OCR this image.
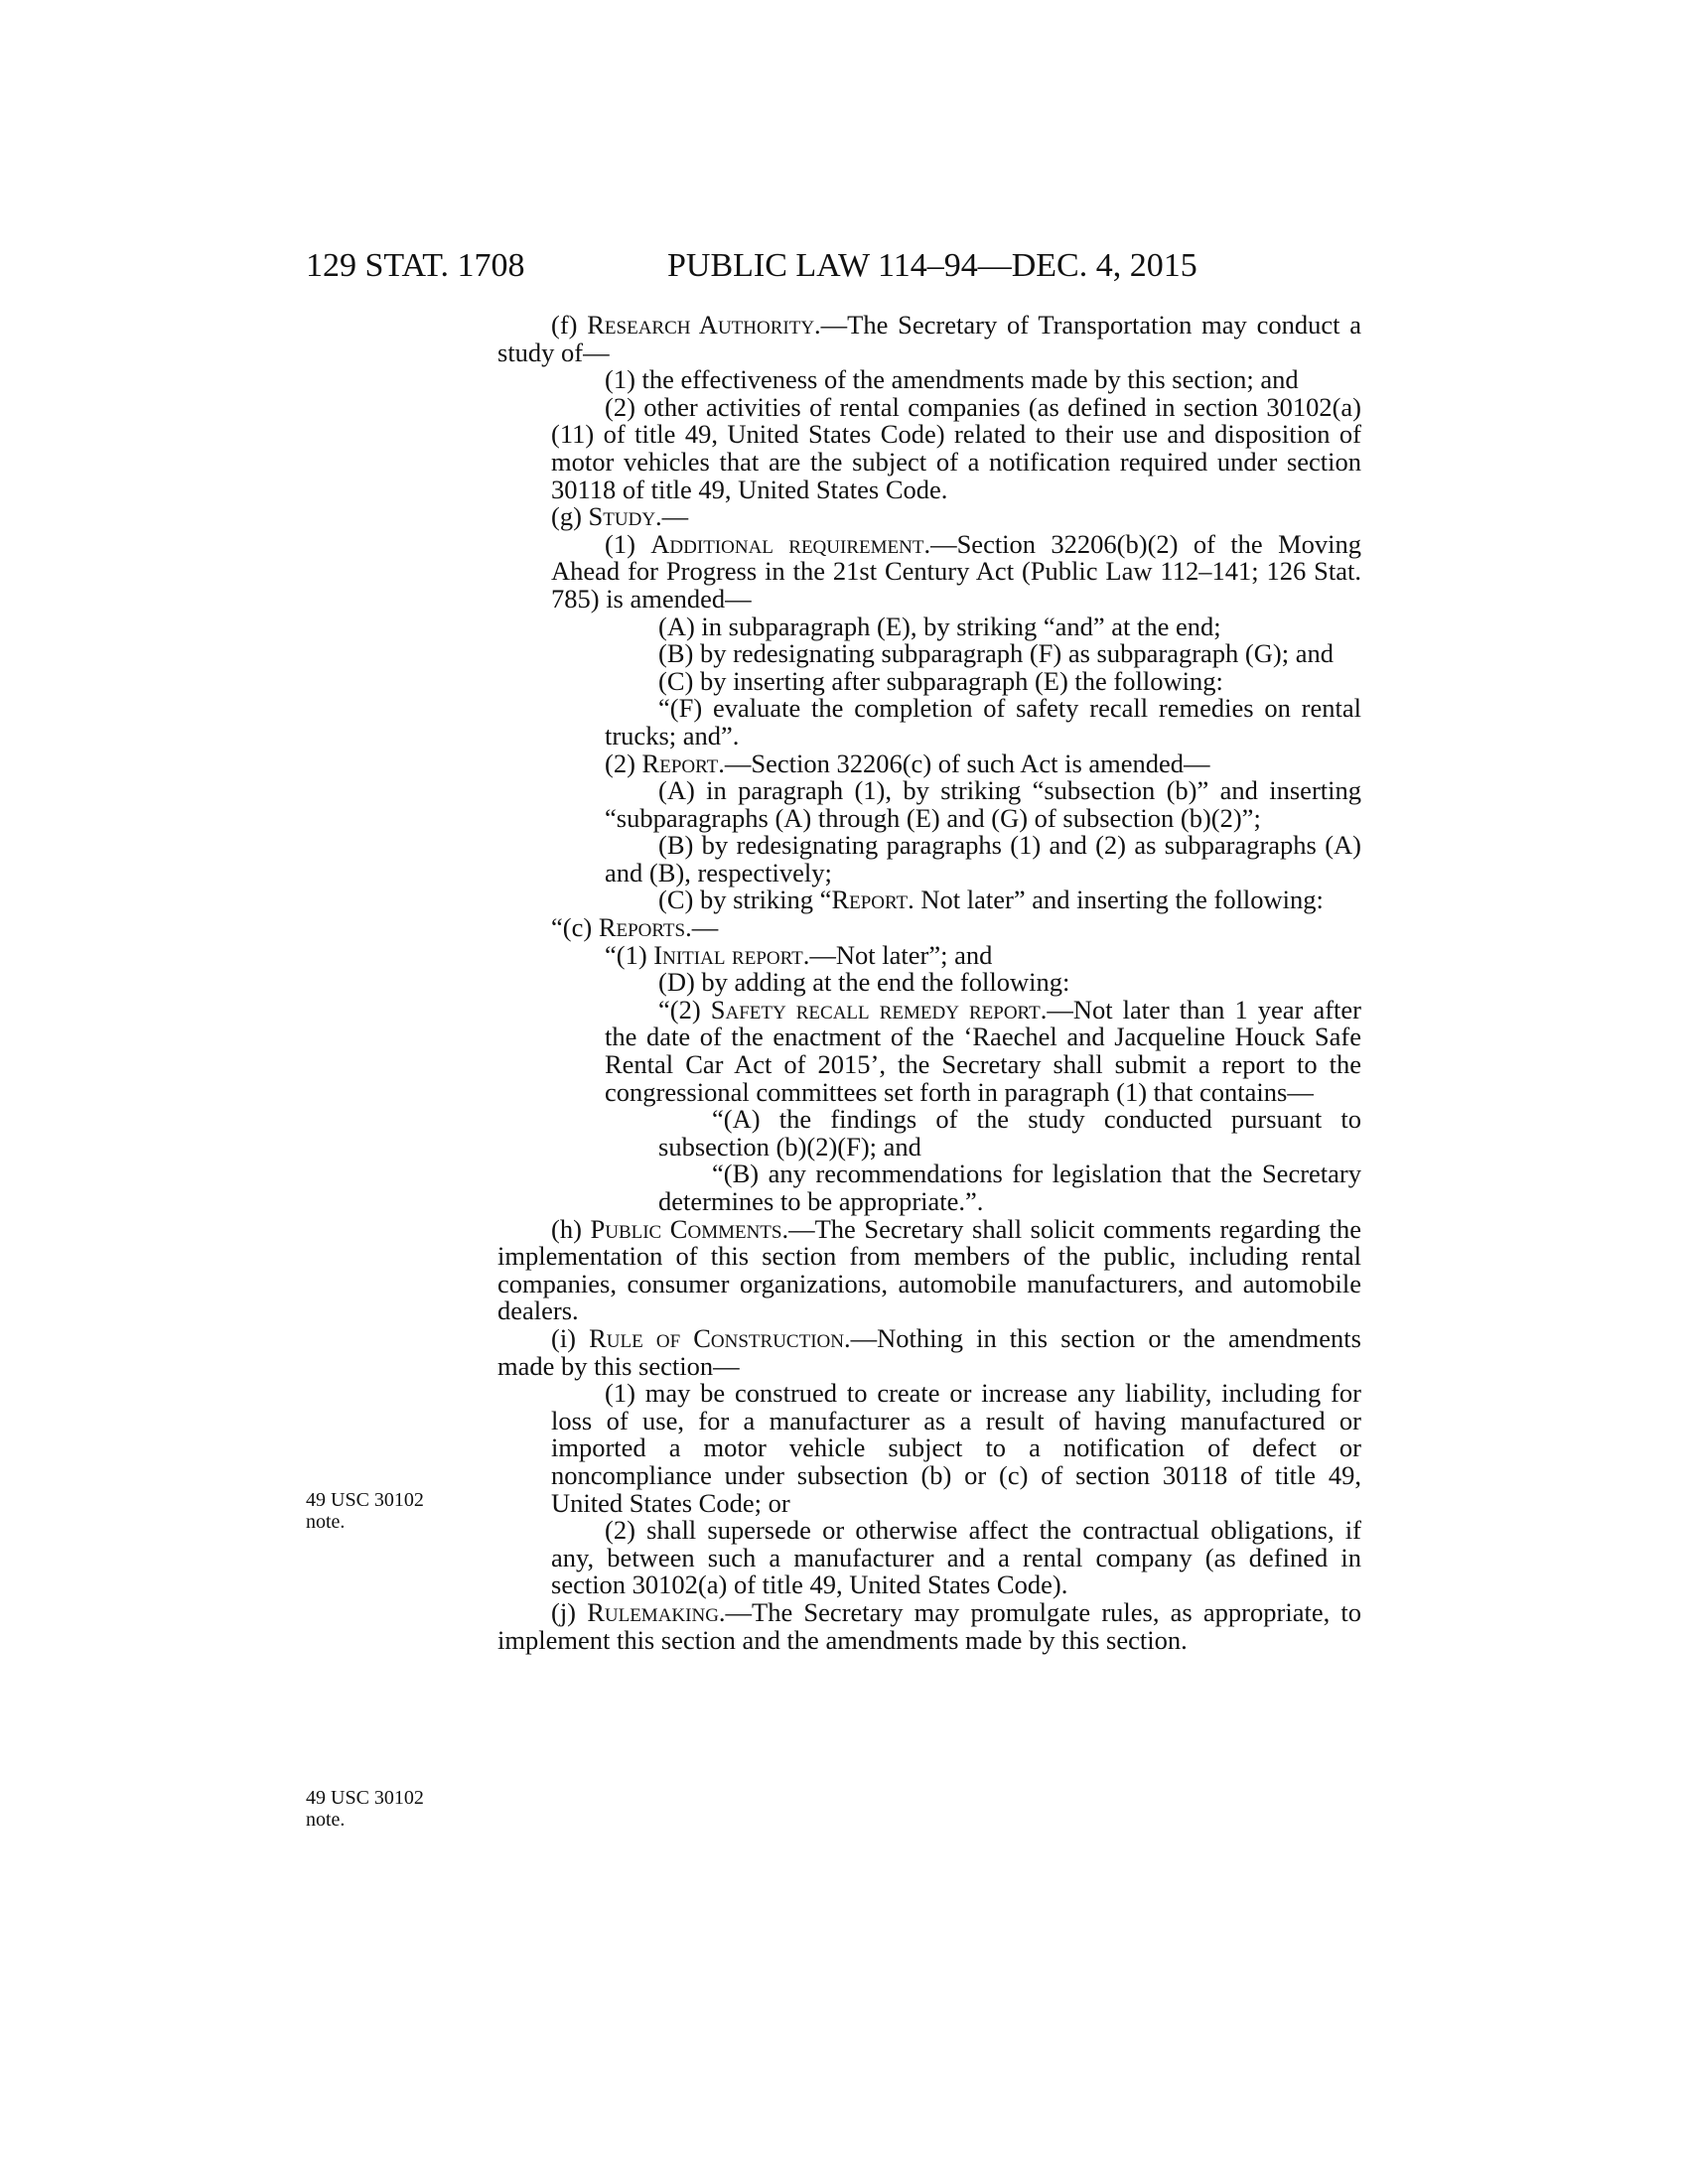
129 STAT. 1708	PUBLIC LAW 114–94—DEC. 4, 2015
49 USC 30102
note.
49 USC 30102
note.

(f) Research Authority.—The Secretary of Transportation may conduct a study of—

(1) the effectiveness of the amendments made by this section; and

(2) other activities of rental companies (as defined in section 30102(a)(11) of title 49, United States Code) related to their use and disposition of motor vehicles that are the subject of a notification required under section 30118 of title 49, United States Code.

(g) Study.—

(1) Additional requirement.—Section 32206(b)(2) of the Moving Ahead for Progress in the 21st Century Act (Public Law 112–141; 126 Stat. 785) is amended—

(A) in subparagraph (E), by striking “and” at the end;

(B) by redesignating subparagraph (F) as subparagraph (G); and

(C) by inserting after subparagraph (E) the following:

“(F) evaluate the completion of safety recall remedies on rental trucks; and”.

(2) Report.—Section 32206(c) of such Act is amended—

(A) in paragraph (1), by striking “subsection (b)” and inserting “subparagraphs (A) through (E) and (G) of subsection (b)(2)”;

(B) by redesignating paragraphs (1) and (2) as subparagraphs (A) and (B), respectively;

(C) by striking “Report. Not later” and inserting the following:

“(c) Reports.—

“(1) Initial report.—Not later”; and

(D) by adding at the end the following:

“(2) Safety recall remedy report.—Not later than 1 year after the date of the enactment of the ‘Raechel and Jacqueline Houck Safe Rental Car Act of 2015’, the Secretary shall submit a report to the congressional committees set forth in paragraph (1) that contains—

“(A) the findings of the study conducted pursuant to subsection (b)(2)(F); and

“(B) any recommendations for legislation that the Secretary determines to be appropriate.”.

(h) Public Comments.—The Secretary shall solicit comments regarding the implementation of this section from members of the public, including rental companies, consumer organizations, automobile manufacturers, and automobile dealers.

(i) Rule of Construction.—Nothing in this section or the amendments made by this section—

(1) may be construed to create or increase any liability, including for loss of use, for a manufacturer as a result of having manufactured or imported a motor vehicle subject to a notification of defect or noncompliance under subsection (b) or (c) of section 30118 of title 49, United States Code; or

(2) shall supersede or otherwise affect the contractual obligations, if any, between such a manufacturer and a rental company (as defined in section 30102(a) of title 49, United States Code).

(j) Rulemaking.—The Secretary may promulgate rules, as appropriate, to implement this section and the amendments made by this section.
